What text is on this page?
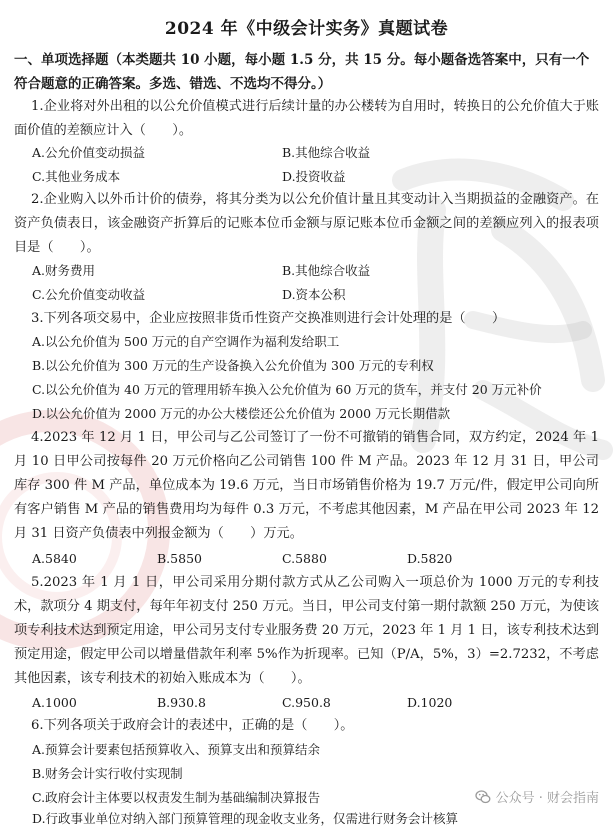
2024 年《中级会计实务》真题试卷
一、单项选择题（本类题共 10 小题，每小题 1.5 分，共 15 分。每小题备选答案中，只有一个符合题意的正确答案。多选、错选、不选均不得分。）
1.企业将对外出租的以公允价值模式进行后续计量的办公楼转为自用时，转换日的公允价值大于账面价值的差额应计入（　　）。
A.公允价值变动损益	B.其他综合收益
C.其他业务成本	D.投资收益
2.企业购入以外币计价的债券，将其分类为以公允价值计量且其变动计入当期损益的金融资产。在资产负债表日，该金融资产折算后的记账本位币金额与原记账本位币金额之间的差额应列入的报表项目是（　　）。
A.财务费用	B.其他综合收益
C.公允价值变动收益	D.资本公积
3.下列各项交易中，企业应按照非货币性资产交换准则进行会计处理的是（　　）
A.以公允价值为 500 万元的自产空调作为福利发给职工
B.以公允价值为 300 万元的生产设备换入公允价值为 300 万元的专利权
C.以公允价值为 40 万元的管理用轿车换入公允价值为 60 万元的货车，并支付 20 万元补价
D.以公允价值为 2000 万元的办公大楼偿还公允价值为 2000 万元长期借款
4.2023 年 12 月 1 日，甲公司与乙公司签订了一份不可撤销的销售合同，双方约定，2024 年 1 月 10 日甲公司按每件 20 万元价格向乙公司销售 100 件 M 产品。2023 年 12 月 31 日，甲公司库存 300 件 M 产品，单位成本为 19.6 万元，当日市场销售价格为 19.7 万元/件，假定甲公司向所有客户销售 M 产品的销售费用均为每件 0.3 万元，不考虑其他因素，M 产品在甲公司 2023 年 12 月 31 日资产负债表中列报金额为（　　）万元。
A.5840	B.5850	C.5880	D.5820
5.2023 年 1 月 1 日，甲公司采用分期付款方式从乙公司购入一项总价为 1000 万元的专利技术，款项分 4 期支付，每年年初支付 250 万元。当日，甲公司支付第一期付款额 250 万元，为使该项专利技术达到预定用途，甲公司另支付专业服务费 20 万元，2023 年 1 月 1 日，该专利技术达到预定用途，假定甲公司以增量借款年利率 5%作为折现率。已知（P/A，5%，3）=2.7232，不考虑其他因素，该专利技术的初始入账成本为（　　）。
A.1000	B.930.8	C.950.8	D.1020
6.下列各项关于政府会计的表述中，正确的是（　　）。
A.预算会计要素包括预算收入、预算支出和预算结余
B.财务会计实行收付实现制
C.政府会计主体要以权责发生制为基础编制决算报告
D.行政事业单位对纳入部门预算管理的现金收支业务，仅需进行财务会计核算
公众号 · 财会指南
